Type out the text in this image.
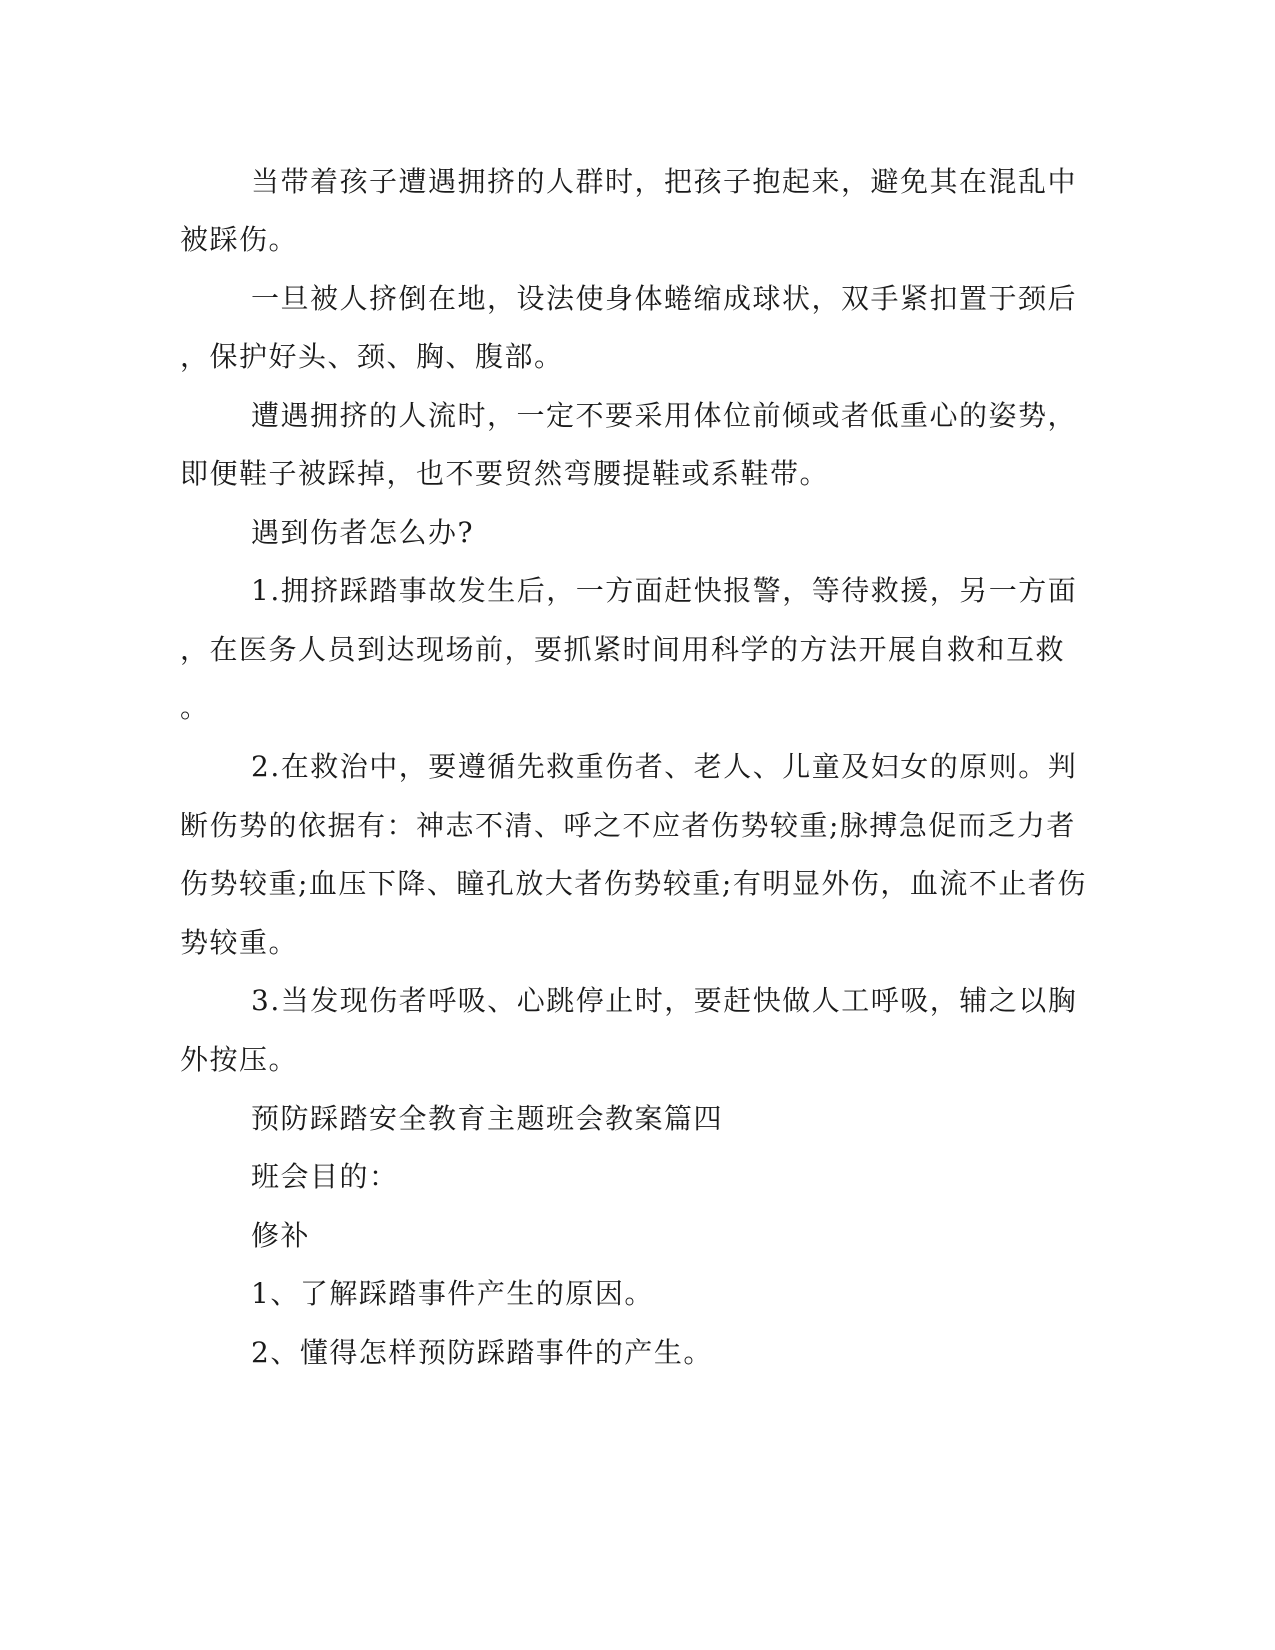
当带着孩子遭遇拥挤的人群时，把孩子抱起来，避免其在混乱中

被踩伤。

一旦被人挤倒在地，设法使身体蜷缩成球状，双手紧扣置于颈后

，保护好头、颈、胸、腹部。

遭遇拥挤的人流时，一定不要采用体位前倾或者低重心的姿势，

即便鞋子被踩掉，也不要贸然弯腰提鞋或系鞋带。

遇到伤者怎么办?

1.拥挤踩踏事故发生后，一方面赶快报警，等待救援，另一方面

，在医务人员到达现场前，要抓紧时间用科学的方法开展自救和互救

。

2.在救治中，要遵循先救重伤者、老人、儿童及妇女的原则。判

断伤势的依据有：神志不清、呼之不应者伤势较重;脉搏急促而乏力者

伤势较重;血压下降、瞳孔放大者伤势较重;有明显外伤，血流不止者伤

势较重。

3.当发现伤者呼吸、心跳停止时，要赶快做人工呼吸，辅之以胸

外按压。

预防踩踏安全教育主题班会教案篇四

班会目的：

修补

1、了解踩踏事件产生的原因。

2、懂得怎样预防踩踏事件的产生。
